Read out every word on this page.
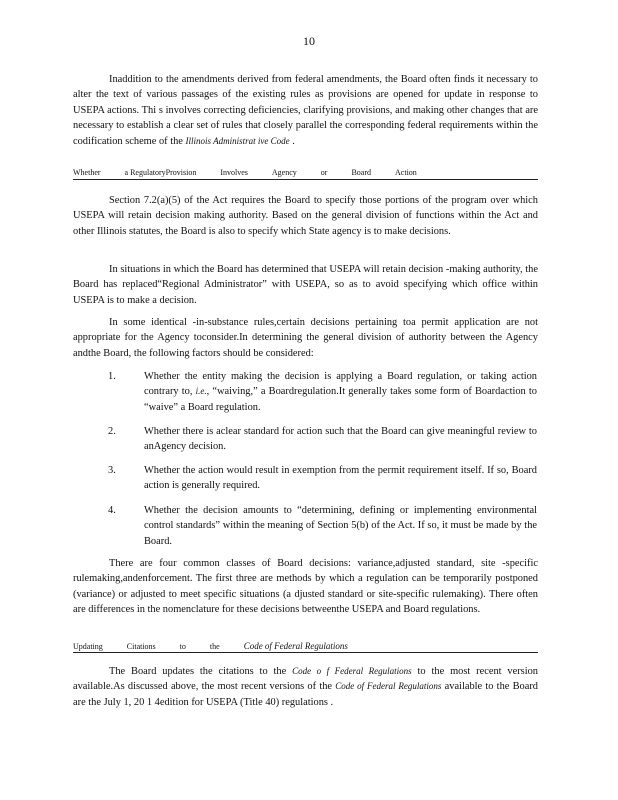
10
Inaddition to the amendments derived from federal amendments, the Board often finds it necessary to alter the text of various passages of the existing rules as provisions are opened for update in response to USEPA actions. Thi s involves correcting deficiencies, clarifying provisions, and making other changes that are necessary to establish a clear set of rules that closely parallel the corresponding federal requirements within the codification scheme of the Illinois Administrat ive Code .
Whether	a RegulatoryProvision	Involves	Agency	or	Board	Action
Section 7.2(a)(5) of the Act requires the Board to specify those portions of the program over which USEPA will retain decision making authority. Based on the general division of functions within the Act and other Illinois statutes, the Board is also to specify which State agency is to make decisions.
In situations in which the Board has determined that USEPA will retain decision -making authority, the Board has replaced“Regional Administrator” with USEPA, so as to avoid specifying which office within USEPA is to make a decision.
In some identical -in-substance rules,certain decisions pertaining toa permit application are not appropriate for the Agency toconsider.In determining the general division of authority between the Agency andthe Board, the following factors should be considered:
1.	Whether the entity making the decision is applying a Board regulation, or taking action contrary to, i.e., “waiving,” a Boardregulation.It generally takes some form of Boardaction to “waive” a Board regulation.
2.	Whether there is aclear standard for action such that the Board can give meaningful review to anAgency decision.
3.	Whether the action would result in exemption from the permit requirement itself. If so, Board action is generally required.
4.	Whether the decision amounts to “determining, defining or implementing environmental control standards” within the meaning of Section 5(b) of the Act. If so, it must be made by the Board.
There are four common classes of Board decisions: variance,adjusted standard, site -specific rulemaking,andenforcement. The first three are methods by which a regulation can be temporarily postponed (variance) or adjusted to meet specific situations (a djusted standard or site-specific rulemaking). There often are differences in the nomenclature for these decisions betweenthe USEPA and Board regulations.
Updating	Citations	to	the	Code of Federal Regulations
The Board updates the citations to the Code o f Federal Regulations to the most recent version available.As discussed above, the most recent versions of the Code of Federal Regulations available to the Board are the July 1, 20 1 4edition for USEPA (Title 40) regulations .
